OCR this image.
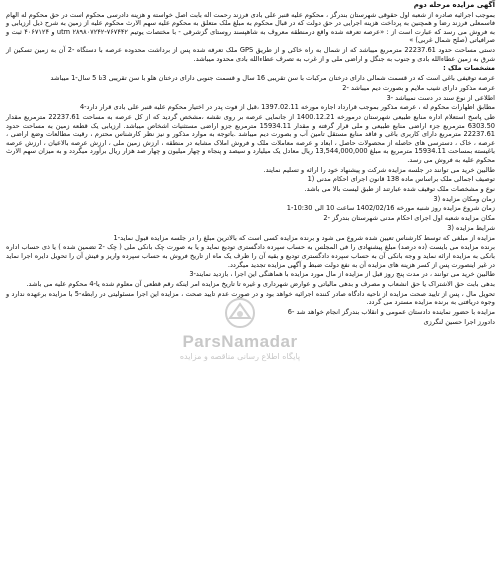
آگهی مزایده مرحله دوم

بموجب اجرائیه صادره از شعبه اول حقوقی شهرستان بندرگز ، محکوم علیه قنبر علی بادی فرزند رحمت اله بابت اصل خواسته و هزینه دادرسی محکوم است در حق محکوم له الهام فاسمعلی فرزند رضا و همچنین به پرداخت هزینه اجرایی در حق دولت که در قبال محکوم به مبلغ ملک متعلق به محکوم علیه سهم الارث محکوم علیه از زمین به شرح ذیل ارزیابی و به فروش می رسد که عبارت است از : «عرصه تعرفه شده واقع درمنطقه معروف به شاهپسند روستای گزشرقی - با مختصات یوتیم utm ۲۸۹۸۰۷۲۴۲-۷۶۷۴۴۲ و ۴۰۶۷۱۲۴ ثبت و صرافیاتی (صلح شمال غربی) »

دستی مساحت حدود 22237.61 مترمربع میباشد که از شمال به راه خاکی و از طریق GPS ملک تعرفه شده پس از برداشت محدوده عرصه با دستگاه -2 آن به زمین تسکین از شرق به زمین عطاءالله بادی و جنوب به جنگل و اراضی ملی و از غرب به تصرف عطاءالله بادی محدود میباشد.

مشخصات ملک :

عرصه توقیفی باغی است که در قسمت شمالی دارای درختان مرکبات با سن تقریبی 16 سال و قسمت جنوبی دارای درختان هلو با سن تقریبی 3تا 5 سال-1 میباشد

عرصه مذکور دارای شیب ملایم و بصورت دیم میباشد -2

اطلاعی از نوع سند در دست نمیباشد -3

مطابق اظهارات محکوم له ، عرصه مذکور بموجب قرارداد اجاره مورخه 1397.02.11 ،قبل از فوت پدر در اختیار محکوم علیه قنبر علی بادی قرار دارد-4

طی پاسخ استعلام اداره منابع طبیعی شهرستان درمورخه 1400.12.21 از جانمایی عرصه بر روی نقشه ،مشخص گردید که از کل عرصه به مساحت 22237.61 مترمربع مقدار 6303.50 مترمربع جزء اراضی منابع طبیعی و ملی قرار گرفته و مقدار 15934.11 مترمربع جزو اراضی مستثنیات اشخاص میباشد. ارزیابی یک قطعه زمین به مساحت حدود 22237.61 مترمربع دارای کاربری باغی و فاقد منابع مستقل تامین آب و بصورت دیم میباشد .باتوجه به موارد مذکور و نیز نظر کارشناس محترم ، رقیت مطالعات وضع اراضی ، عرصه ، خاک ، دسترسی های حاصله از محصولات حاصل ، ابعاد و عرصه معاملات ملک و فروش املاک مشابه در منطقه ، ارزش زمین ملی ، ارزش عرصه بالاعیان ، ارزش عرصه باغیسته بمساحت 15934.11 مترمربع به مبلغ 13,544,000,000 ریال معادل یک میلیارد و سیصد و پنجاه و چهار میلیون و چهار صد هزار ریال برآورد میگردد و به میزان سهم الارث محکوم علیه به فروش می رسد.

طالبین خرید می توانند در جلسه مزایده شرکت و پیشنهاد خود را ارائه و تسلیم نمایند.

توصیف اجمالی ملک براساس ماده 138 قانون اجرای احکام مدنی (1

نوع و مشخصات ملک توقیف شده عبارتند از طبق لیست بالا می باشد.

زمان ومکان مزایده (3

زمان شروع مزایده روز شنبه مورخه 1402/02/16 ساعت 10 الی 10:30-1

مکان مزایده شعبه اول اجرای احکام مدنی شهرستان بندرگز -2

شرایط مزایده (3

مزایده از مبلغی که توسط کارشناس تعیین شده شروع می شود و برنده مزایده کسی است که بالاترین مبلغ را در جلسه مزایده قبول نماید-1

برنده مزایده می بایست (ده درصد) مبلغ پیشنهادی را فی المجلس به حساب سپرده دادگستری تودیع نماید و یا به صورت چک بانکی ملی ( چک -2 تضمین شده ) یا ذی حساب اداره بانکی به مزایده ارائه نماید و وجه بانکی آن به حساب سپرده دادگستری تودیع و بقیه آن را ظرف یک ماه از تاریخ فروش به حساب سپرده واریز و فیش آن را تحویل دایره اجرا نماید در غیر اینصورت پس از کسر هزینه های مزایده آن به نفع دولت ضبط و آگهی مزایده تجدید میگردد.

طالبین خرید می توانند ، در مدت پنج روز قبل از مزایده از مال مورد مزایده با هماهنگی این اجرا ، بازدید نمایند-3

بدهی بابت حق الاشتراک یا حق انشعاب و مصرف و بدهی مالیاتی و عوارض شهرداری و غیره تا تاریخ مزایده امر اینکه رقم قطعی آن معلوم شده یا-4 محکوم علیه می باشد.

تحویل مال ، پس از تایید صحت مزایده از ناحیه دادگاه صادر کننده اجرائیه خواهد بود و در صورت عدم تایید صحت ، مزایده این اجرا مسئولیتی در رابطه-5 با مزایده برعهده ندارد و وجوه دریافتی به برنده مزایده مسترد می گردد.

مزایده با حضور نماینده دادستان عمومی و انقلاب بندرگز انجام خواهد شد -6

دادورز اجرا حسین لنگرزی

ParsNamadar
پایگاه اطلاع رسانی مناقصه و مزایده
